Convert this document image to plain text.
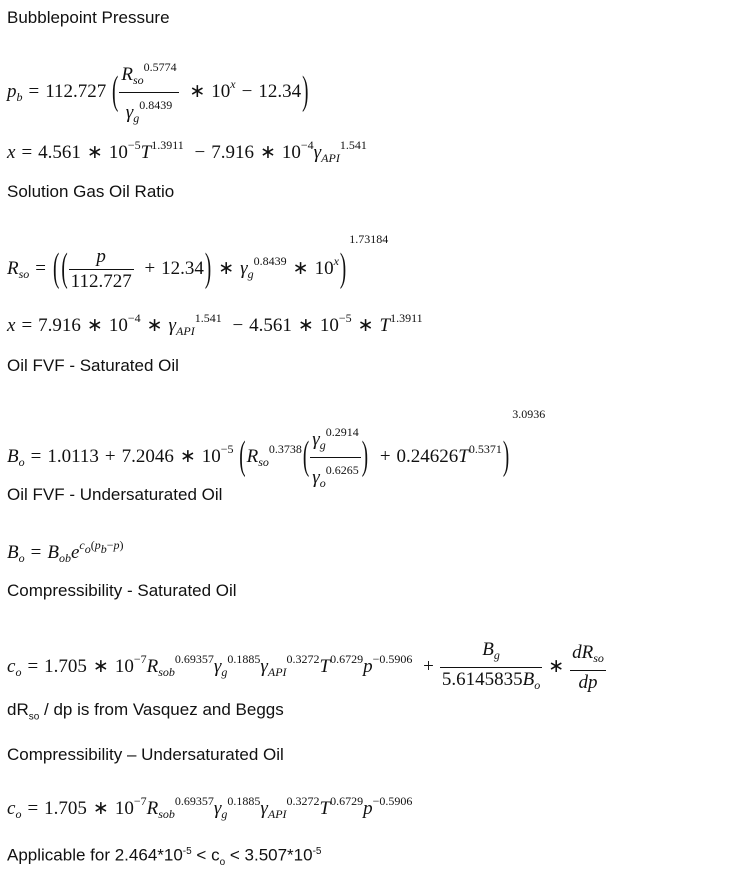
Bubblepoint Pressure
$p_b = 112.727$ ( $\frac{R_{so}^{0.5774}}{\gamma_g^{0.8439}}$ ∗ $10^x - 12.34$)
x = 4.561 ∗ $10^{-5}T^{1.3911} - 7.916$ ∗ $10^{-4}\gamma_{API}^{1.541}$
Solution Gas Oil Ratio
$R_{so}$ = ( ( $\frac{p}{112.727} + 12.34$) ∗ $\gamma_g^{0.8439}$ ∗ 10$^x$)1.73184
x = 7.916 ∗ $10^{-4}$ ∗ $\gamma_{API}^{1.541} - 4.561$ ∗ $10^{-5}$ ∗ $T^{1.3911}$
Oil FVF - Saturated Oil
$B_o = 1.0113 + 7.2046$ ∗ $10^{-5}$ ($R_{so}^{0.3738}( \frac{\gamma_g^{0.2914}}{\gamma_o^{0.6265}}$ ) + $0.24626T^{0.5371})3.0936$
Oil FVF - Undersaturated Oil
$B_o = B_{ob}e^{c_o(p_b-p)}$
Compressibility - Saturated Oil
$c_o = 1.705$ ∗ $10^{-7}R_{sob}^{0.69357}\gamma_g^{0.1885}\gamma_{API}^{0.3272}T^{0.6729}p^{-0.5906} + \frac{B_g}{5.6145835B_o}$ ∗ $\frac{dR_{so}}{dp}$
$dR_{so}$ / dp is from Vasquez and Beggs
Compressibility – Undersaturated Oil
$c_o = 1.705$ ∗ $10^{-7}R_{sob}^{0.69357}\gamma_g^{0.1885}\gamma_{API}^{0.3272}T^{0.6729}p^{-0.5906}$
Applicable for $2.464*10^{-5} < c_o < 3.507*10^{-5}$
